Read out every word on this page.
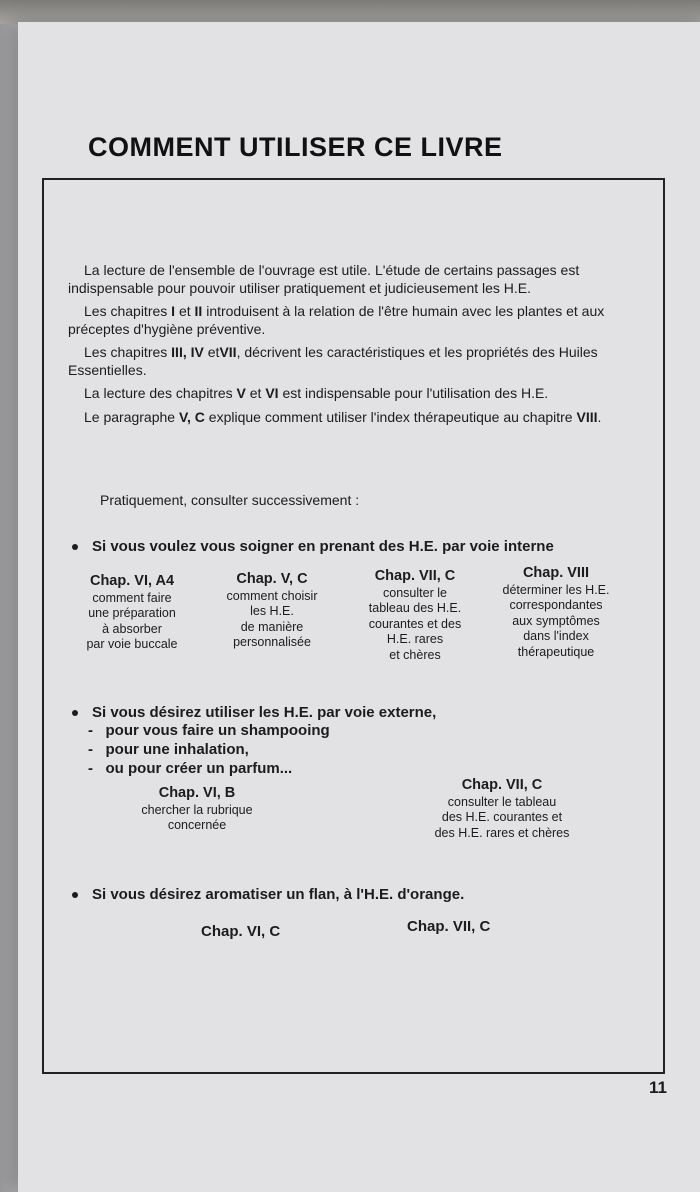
COMMENT UTILISER CE LIVRE

La lecture de l'ensemble de l'ouvrage est utile. L'étude de certains passages est indispensable pour pouvoir utiliser pratiquement et judicieusement les H.E.

Les chapitres I et II introduisent à la relation de l'être humain avec les plantes et aux préceptes d'hygiène préventive.

Les chapitres III, IV etVII, décrivent les caractéristiques et les propriétés des Huiles Essentielles.

La lecture des chapitres V et VI est indispensable pour l'utilisation des H.E.

Le paragraphe V, C explique comment utiliser l'index thérapeutique au chapitre VIII.

Pratiquement, consulter successivement :
Si vous voulez vous soigner en prenant des H.E. par voie interne
Chap. VI, A4
comment faire
une préparation
à absorber
par voie buccale
Chap. V, C
comment choisir
les H.E.
de manière
personnalisée
Chap. VII, C
consulter le
tableau des H.E.
courantes et des
H.E. rares
et chères
Chap. VIII
déterminer les H.E.
correspondantes
aux symptômes
dans l'index
thérapeutique
Si vous désirez utiliser les H.E. par voie externe,
- pour vous faire un shampooing
- pour une inhalation,
- ou pour créer un parfum...
Chap. VI, B
chercher la rubrique
concernée
Chap. VII, C
consulter le tableau
des H.E. courantes et
des H.E. rares et chères
Si vous désirez aromatiser un flan, à l'H.E. d'orange.
Chap. VI, C	Chap. VII, C
11
